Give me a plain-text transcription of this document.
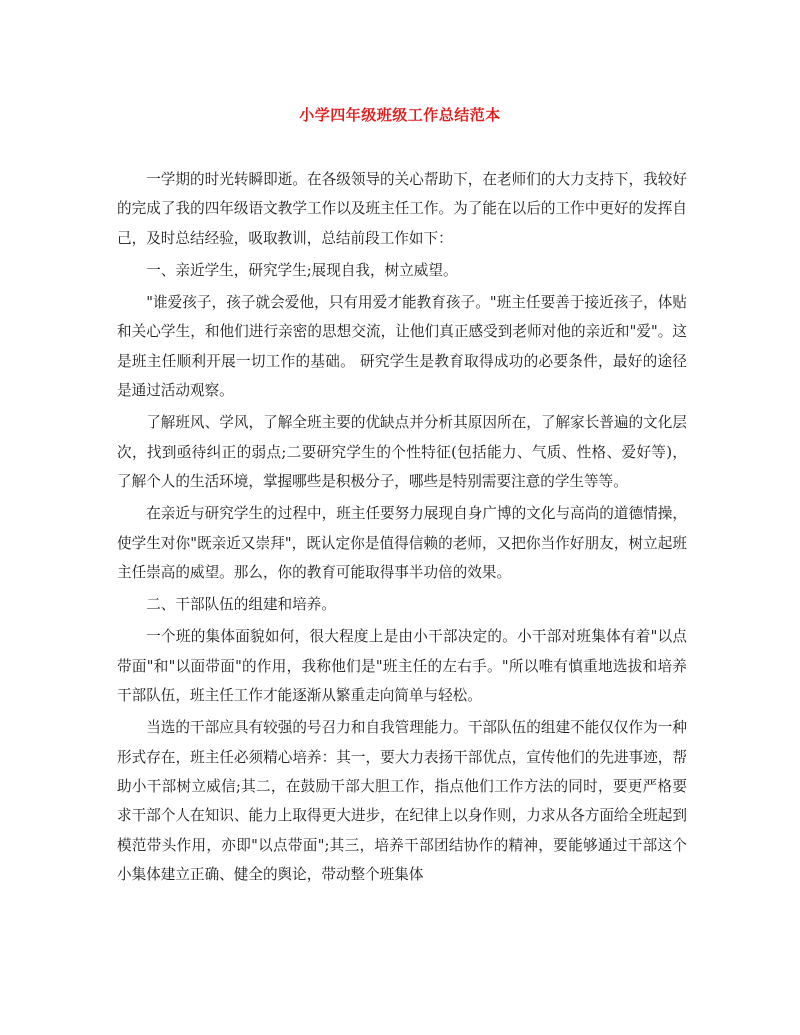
小学四年级班级工作总结范本

一学期的时光转瞬即逝。在各级领导的关心帮助下，在老师们的大力支持下，我较好的完成了我的四年级语文教学工作以及班主任工作。为了能在以后的工作中更好的发挥自己，及时总结经验，吸取教训，总结前段工作如下：

一、亲近学生，研究学生;展现自我，树立威望。

"谁爱孩子，孩子就会爱他，只有用爱才能教育孩子。"班主任要善于接近孩子，体贴和关心学生，和他们进行亲密的思想交流，让他们真正感受到老师对他的亲近和"爱"。这是班主任顺利开展一切工作的基础。 研究学生是教育取得成功的必要条件，最好的途径是通过活动观察。

了解班风、学风，了解全班主要的优缺点并分析其原因所在，了解家长普遍的文化层次，找到亟待纠正的弱点;二要研究学生的个性特征(包括能力、气质、性格、爱好等)，了解个人的生活环境，掌握哪些是积极分子，哪些是特别需要注意的学生等等。

在亲近与研究学生的过程中，班主任要努力展现自身广博的文化与高尚的道德情操，使学生对你"既亲近又崇拜"，既认定你是值得信赖的老师，又把你当作好朋友，树立起班主任崇高的威望。那么，你的教育可能取得事半功倍的效果。

二、干部队伍的组建和培养。

一个班的集体面貌如何，很大程度上是由小干部决定的。小干部对班集体有着"以点带面"和"以面带面"的作用，我称他们是"班主任的左右手。"所以唯有慎重地选拔和培养干部队伍，班主任工作才能逐渐从繁重走向简单与轻松。

当选的干部应具有较强的号召力和自我管理能力。干部队伍的组建不能仅仅作为一种形式存在，班主任必须精心培养：其一，要大力表扬干部优点，宣传他们的先进事迹，帮助小干部树立威信;其二，在鼓励干部大胆工作，指点他们工作方法的同时，要更严格要求干部个人在知识、能力上取得更大进步，在纪律上以身作则，力求从各方面给全班起到模范带头作用，亦即"以点带面";其三，培养干部团结协作的精神，要能够通过干部这个小集体建立正确、健全的舆论，带动整个班集体
